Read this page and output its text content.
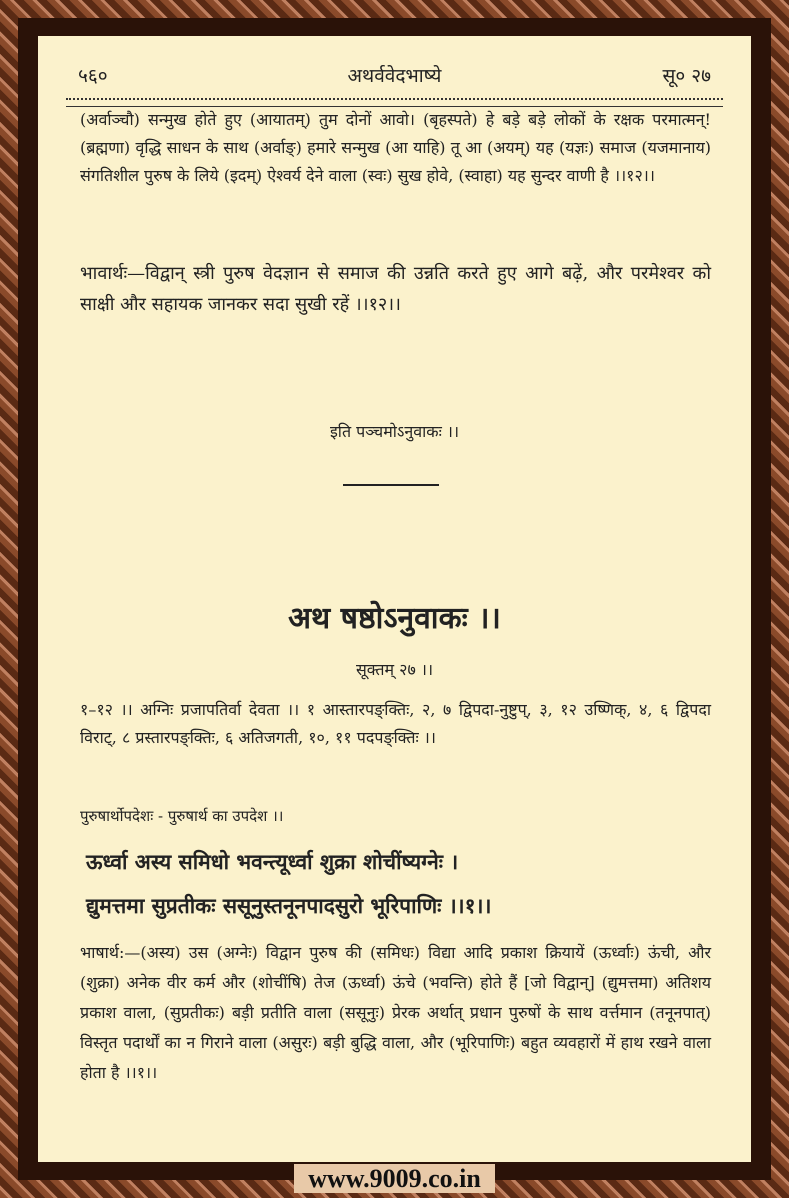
५६०	अथर्ववेदभाष्ये	सू० २७
(अर्वाञ्चौ) सन्मुख होते हुए (आयातम्) तुम दोनों आवो। (बृहस्पते) हे बड़े बड़े लोकों के रक्षक परमात्मन्! (ब्रह्मणा) वृद्धि साधन के साथ (अर्वाङ्) हमारे सन्मुख (आ याहि) तू आ (अयम्) यह (यज्ञः) समाज (यजमानाय) संगतिशील पुरुष के लिये (इदम्) ऐश्वर्य देने वाला (स्वः) सुख होवे, (स्वाहा) यह सुन्दर वाणी है ।।१२।।
भावार्थः—विद्वान् स्त्री पुरुष वेदज्ञान से समाज की उन्नति करते हुए आगे बढ़ें, और परमेश्वर को साक्षी और सहायक जानकर सदा सुखी रहें ।।१२।।
इति पञ्चमोऽनुवाकः ।।
अथ षष्ठोऽनुवाकः ।।
सूक्तम् २७ ।।
१–१२ ।। अग्निः प्रजापतिर्वा देवता ।। १ आस्तारपङ्क्तिः, २, ७ द्विपदा-नुष्टुप्, ३, १२ उष्णिक्, ४, ६ द्विपदा विराट्, ८ प्रस्तारपङ्क्तिः, ६ अतिजगती, १०, ११ पदपङ्क्तिः ।।
पुरुषार्थोपदेशः - पुरुषार्थ का उपदेश ।।
ऊर्ध्वा अस्य समिधो भवन्त्यूर्ध्वा शुक्रा शोचींष्यग्नेः ।
द्युमत्तमा सुप्रतीकः ससूनुस्तनूनपादसुरो भूरिपाणिः ।।१।।
भाषार्थ:—(अस्य) उस (अग्नेः) विद्वान पुरुष की (समिधः) विद्या आदि प्रकाश क्रियायें (ऊर्ध्वाः) ऊंची, और (शुक्रा) अनेक वीर कर्म और (शोचींषि) तेज (ऊर्ध्वा) ऊंचे (भवन्ति) होते हैं [जो विद्वान्] (द्युमत्तमा) अतिशय प्रकाश वाला, (सुप्रतीकः) बड़ी प्रतीति वाला (ससूनुः) प्रेरक अर्थात् प्रधान पुरुषों के साथ वर्त्तमान (तनूनपात्) विस्तृत पदार्थों का न गिराने वाला (असुरः) बड़ी बुद्धि वाला, और (भूरिपाणिः) बहुत व्यवहारों में हाथ रखने वाला होता है ।।१।।
www.9009.co.in
